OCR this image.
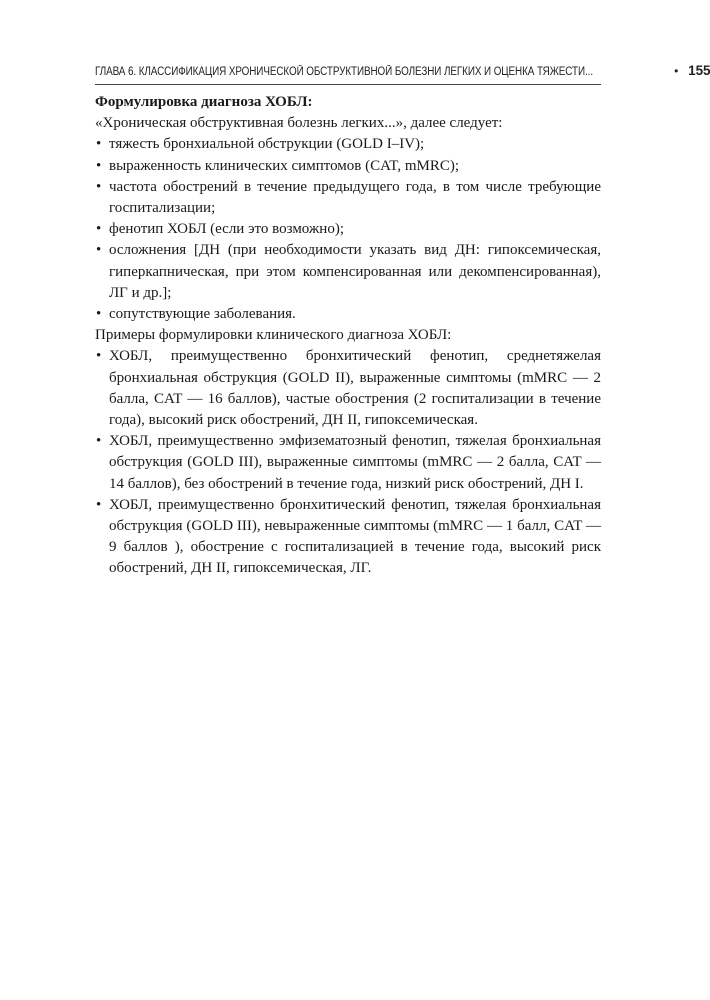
ГЛАВА 6. КЛАССИФИКАЦИЯ ХРОНИЧЕСКОЙ ОБСТРУКТИВНОЙ БОЛЕЗНИ ЛЕГКИХ И ОЦЕНКА ТЯЖЕСТИ...	• 155

Формулировка диагноза ХОБЛ:

«Хроническая обструктивная болезнь легких...», далее следует:

• тяжесть бронхиальной обструкции (GOLD I–IV);
• выраженность клинических симптомов (CAT, mMRC);
• частота обострений в течение предыдущего года, в том числе требующие госпитализации;
• фенотип ХОБЛ (если это возможно);
• осложнения [ДН (при необходимости указать вид ДН: гипоксемическая, гиперкапническая, при этом компенсированная или декомпенсированная), ЛГ и др.];
• сопутствующие заболевания.

Примеры формулировки клинического диагноза ХОБЛ:

• ХОБЛ, преимущественно бронхитический фенотип, среднетяжелая бронхиальная обструкция (GOLD II), выраженные симптомы (mMRC — 2 балла, CAT — 16 баллов), частые обострения (2 госпитализации в течение года), высокий риск обострений, ДН II, гипоксемическая.
• ХОБЛ, преимущественно эмфизематозный фенотип, тяжелая бронхиальная обструкция (GOLD III), выраженные симптомы (mMRC — 2 балла, CAT — 14 баллов), без обострений в течение года, низкий риск обострений, ДН I.
• ХОБЛ, преимущественно бронхитический фенотип, тяжелая бронхиальная обструкция (GOLD III), невыраженные симптомы (mMRC — 1 балл, CAT — 9 баллов ), обострение с госпитализацией в течение года, высокий риск обострений, ДН II, гипоксемическая, ЛГ.
